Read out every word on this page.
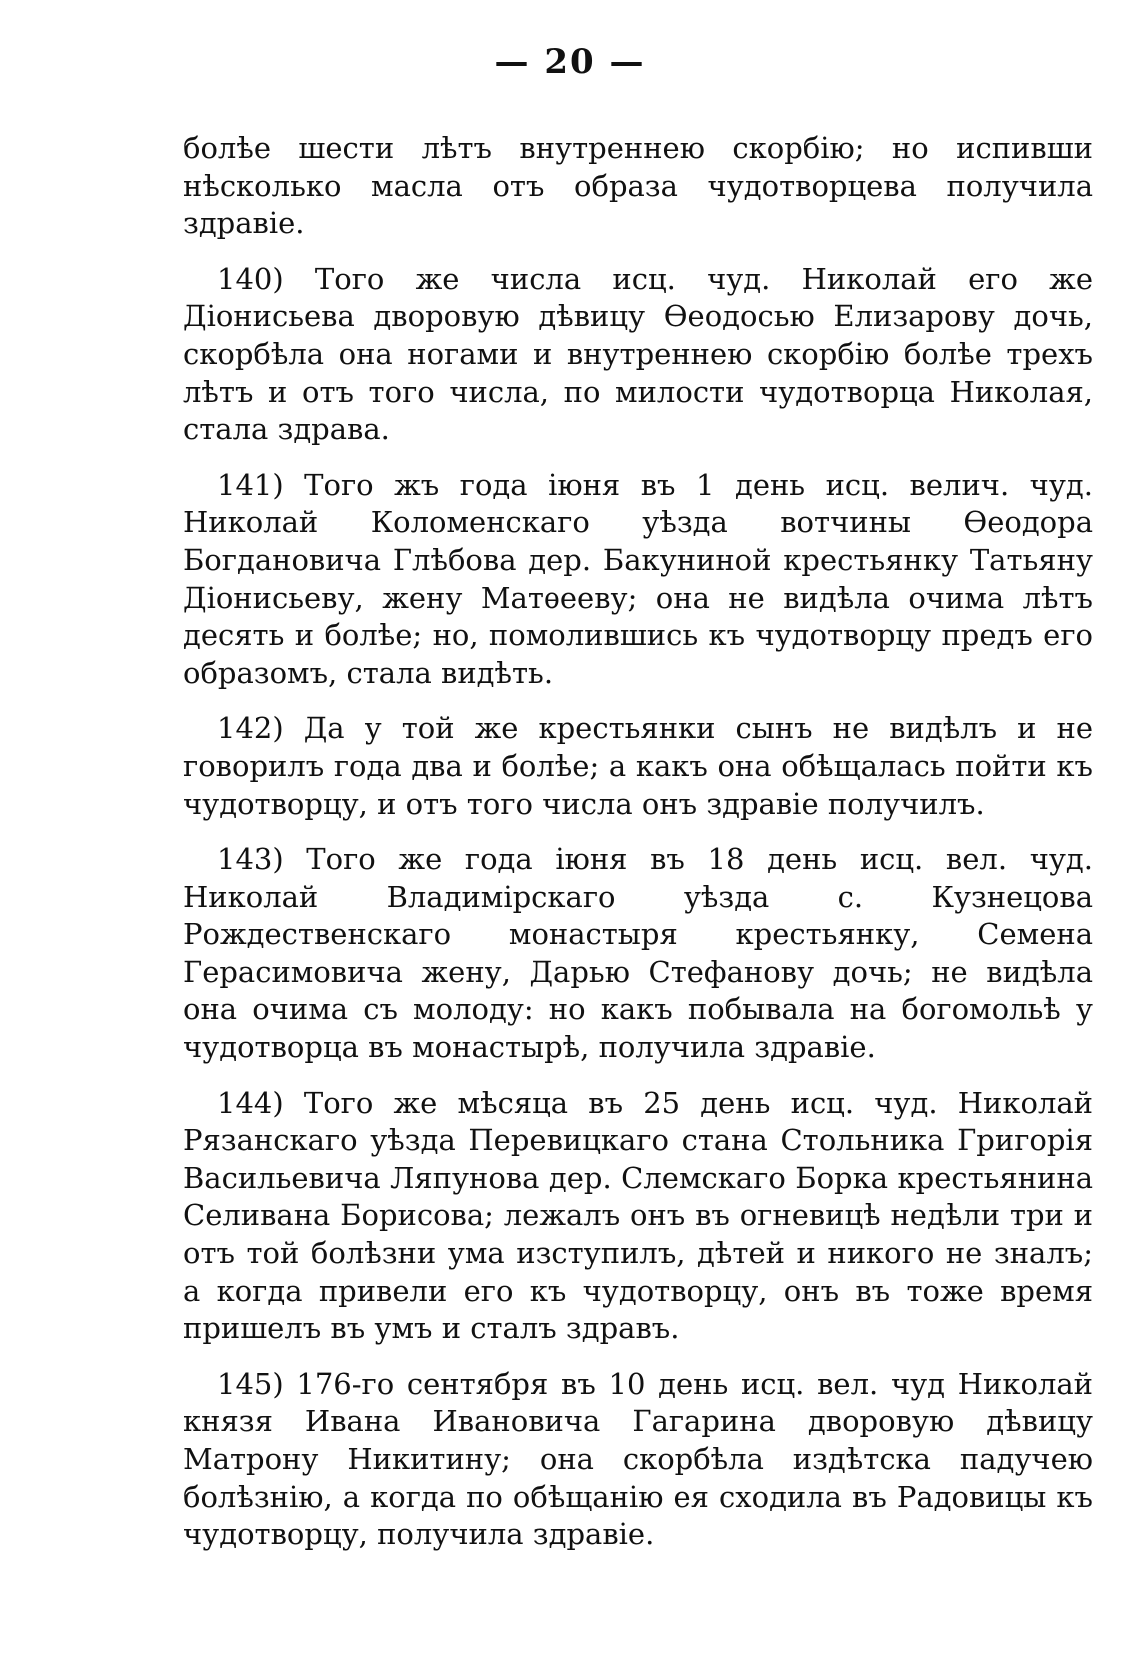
— 20 —

болѣе шести лѣтъ внутреннею скорбію; но испивши нѣсколько масла отъ образа чудотворцева получила здравіе.

140) Того же числа исц. чуд. Николай его же Діонисьева дворовую дѣвицу Ѳеодосью Елизарову дочь, скорбѣла она ногами и внутреннею скорбію болѣе трехъ лѣтъ и отъ того числа, по милости чудотворца Николая, стала здрава.

141) Того жъ года іюня въ 1 день исц. велич. чуд. Николай Коломенскаго уѣзда вотчины Ѳеодора Богдановича Глѣбова дер. Бакуниной крестьянку Татьяну Діонисьеву, жену Матѳееву; она не видѣла очима лѣтъ десять и болѣе; но, помолившись къ чудотворцу предъ его образомъ, стала видѣть.

142) Да у той же крестьянки сынъ не видѣлъ и не говорилъ года два и болѣе; а какъ она обѣщалась пойти къ чудотворцу, и отъ того числа онъ здравіе получилъ.

143) Того же года іюня въ 18 день исц. вел. чуд. Николай Владимірскаго уѣзда с. Кузнецова Рождественскаго монастыря крестьянку, Семена Герасимовича жену, Дарью Стефанову дочь; не видѣла она очима съ молоду: но какъ побывала на богомольѣ у чудотворца въ монастырѣ, получила здравіе.

144) Того же мѣсяца въ 25 день исц. чуд. Николай Рязанскаго уѣзда Перевицкаго стана Стольника Григорія Васильевича Ляпунова дер. Слемскаго Борка крестьянина Селивана Борисова; лежалъ онъ въ огневицѣ недѣли три и отъ той болѣзни ума изступилъ, дѣтей и никого не зналъ; а когда привели его къ чудотворцу, онъ въ тоже время пришелъ въ умъ и сталъ здравъ.

145) 176-го сентября въ 10 день исц. вел. чуд Николай князя Ивана Ивановича Гагарина дворовую дѣвицу Матрону Никитину; она скорбѣла издѣтска падучею болѣзнію, а когда по обѣщанію ея сходила въ Радовицы къ чудотворцу, получила здравіе.
